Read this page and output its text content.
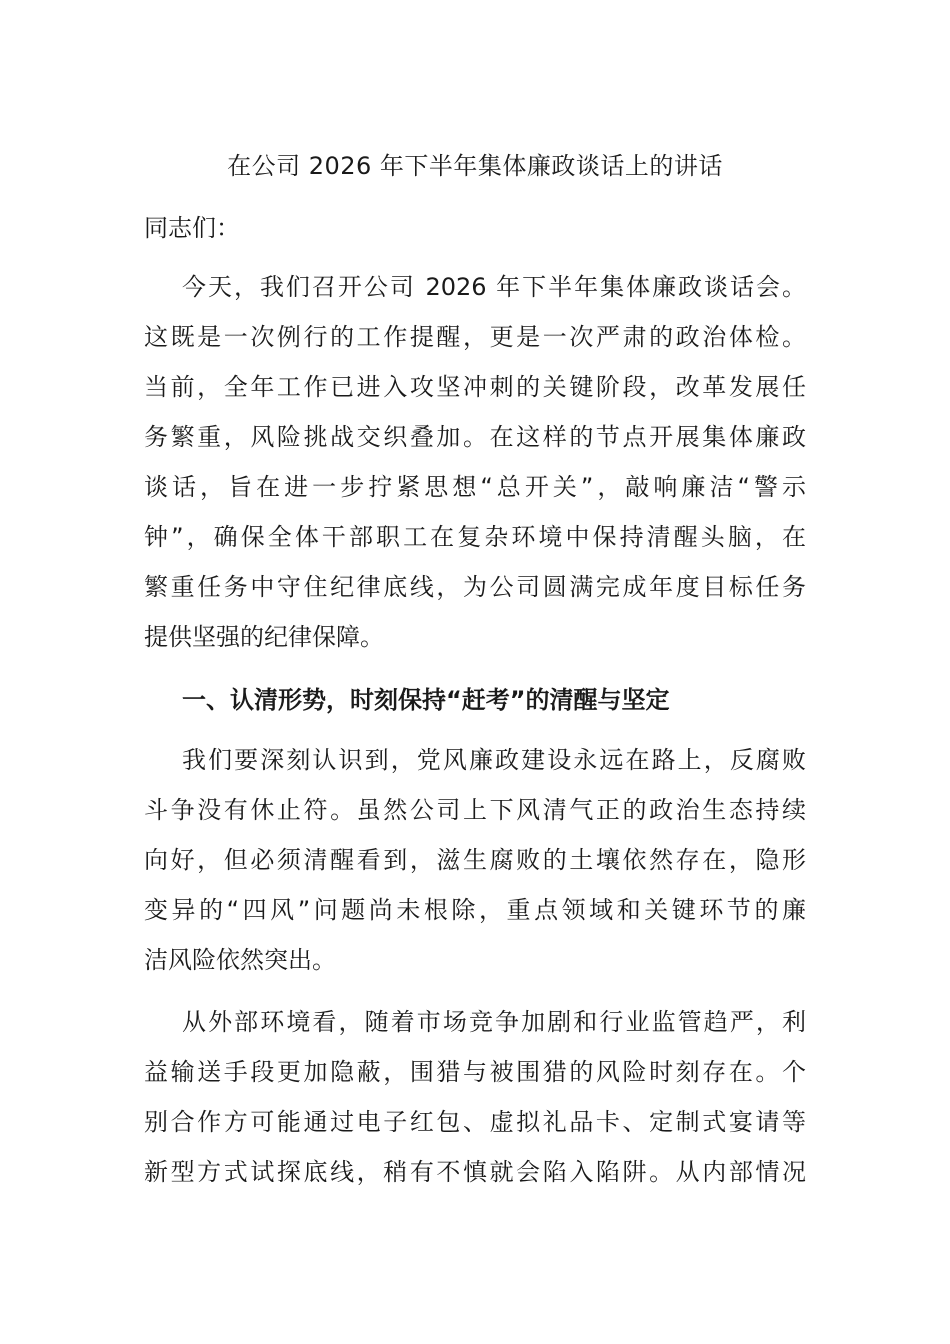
在公司 2026 年下半年集体廉政谈话上的讲话
同志们：
今天，我们召开公司 2026 年下半年集体廉政谈话会。
这既是一次例行的工作提醒，更是一次严肃的政治体检。
当前，全年工作已进入攻坚冲刺的关键阶段，改革发展任
务繁重，风险挑战交织叠加。在这样的节点开展集体廉政
谈话，旨在进一步拧紧思想“总开关”，敲响廉洁“警示
钟”，确保全体干部职工在复杂环境中保持清醒头脑，在
繁重任务中守住纪律底线，为公司圆满完成年度目标任务
提供坚强的纪律保障。
一、认清形势，时刻保持“赶考”的清醒与坚定
我们要深刻认识到，党风廉政建设永远在路上，反腐败
斗争没有休止符。虽然公司上下风清气正的政治生态持续
向好，但必须清醒看到，滋生腐败的土壤依然存在，隐形
变异的“四风”问题尚未根除，重点领域和关键环节的廉
洁风险依然突出。
从外部环境看，随着市场竞争加剧和行业监管趋严，利
益输送手段更加隐蔽，围猎与被围猎的风险时刻存在。个
别合作方可能通过电子红包、虚拟礼品卡、定制式宴请等
新型方式试探底线，稍有不慎就会陷入陷阱。从内部情况
